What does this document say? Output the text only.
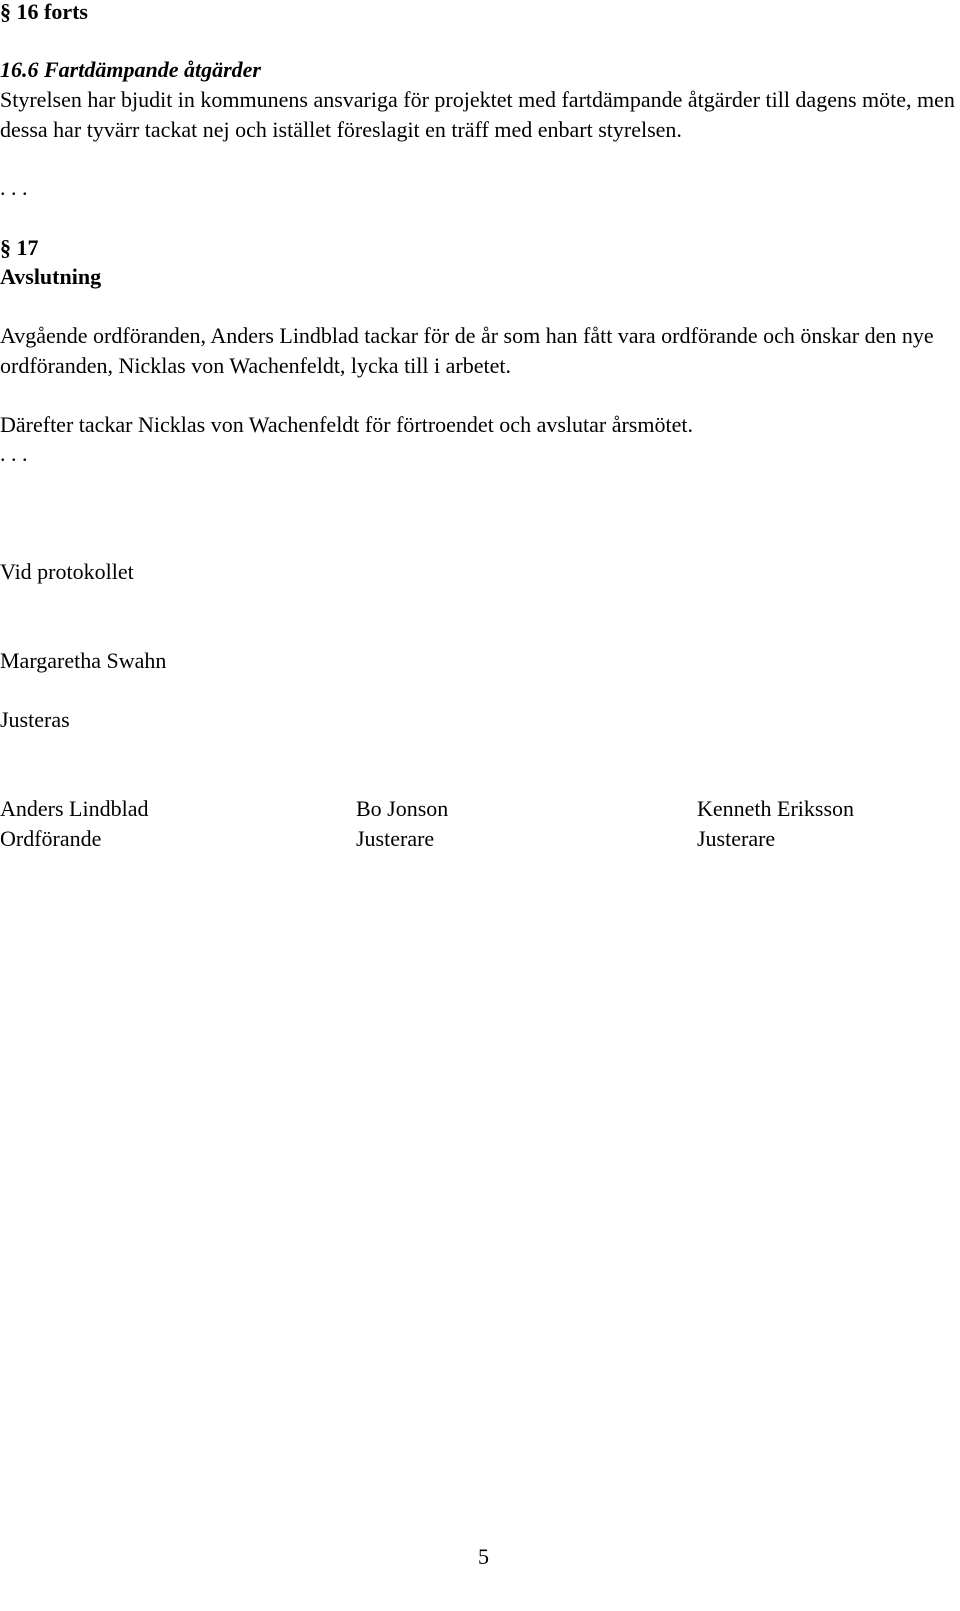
§ 16 forts
16.6 Fartdämpande åtgärder
Styrelsen har bjudit in kommunens ansvariga för projektet med fartdämpande åtgärder till dagens möte, men dessa har tyvärr tackat nej och istället föreslagit en träff med enbart styrelsen.
. . .
§ 17
Avslutning
Avgående ordföranden, Anders Lindblad tackar för de år som han fått vara ordförande och önskar den nye ordföranden, Nicklas von Wachenfeldt, lycka till i arbetet.
Därefter tackar Nicklas von Wachenfeldt för förtroendet och avslutar årsmötet.
. . .
Vid protokollet
Margaretha Swahn
Justeras
Anders Lindblad
Ordförande
Bo Jonson
Justerare
Kenneth Eriksson
Justerare
5
